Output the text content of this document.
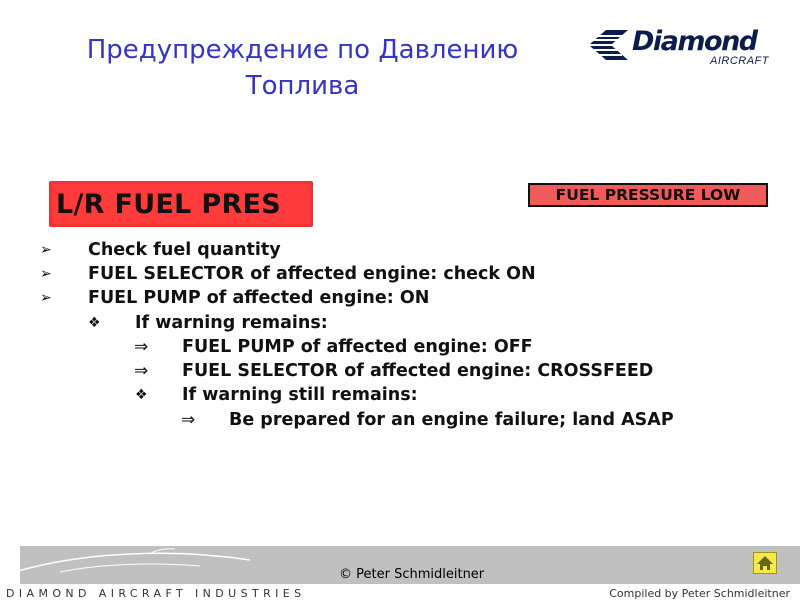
Предупреждение по Давлению
Топлива
Diamond
AIRCRAFT
L/R FUEL PRES	FUEL PRESSURE LOW
➢ Check fuel quantity
➢ FUEL SELECTOR of affected engine: check ON
➢ FUEL PUMP of affected engine: ON
❖ If warning remains:
⇒ FUEL PUMP of affected engine: OFF
⇒ FUEL SELECTOR of affected engine: CROSSFEED
❖ If warning still remains:
⇒ Be prepared for an engine failure; land ASAP
DIAMOND AIRCRAFT INDUSTRIES
© Peter Schmidleitner
Compiled by Peter Schmidleitner
